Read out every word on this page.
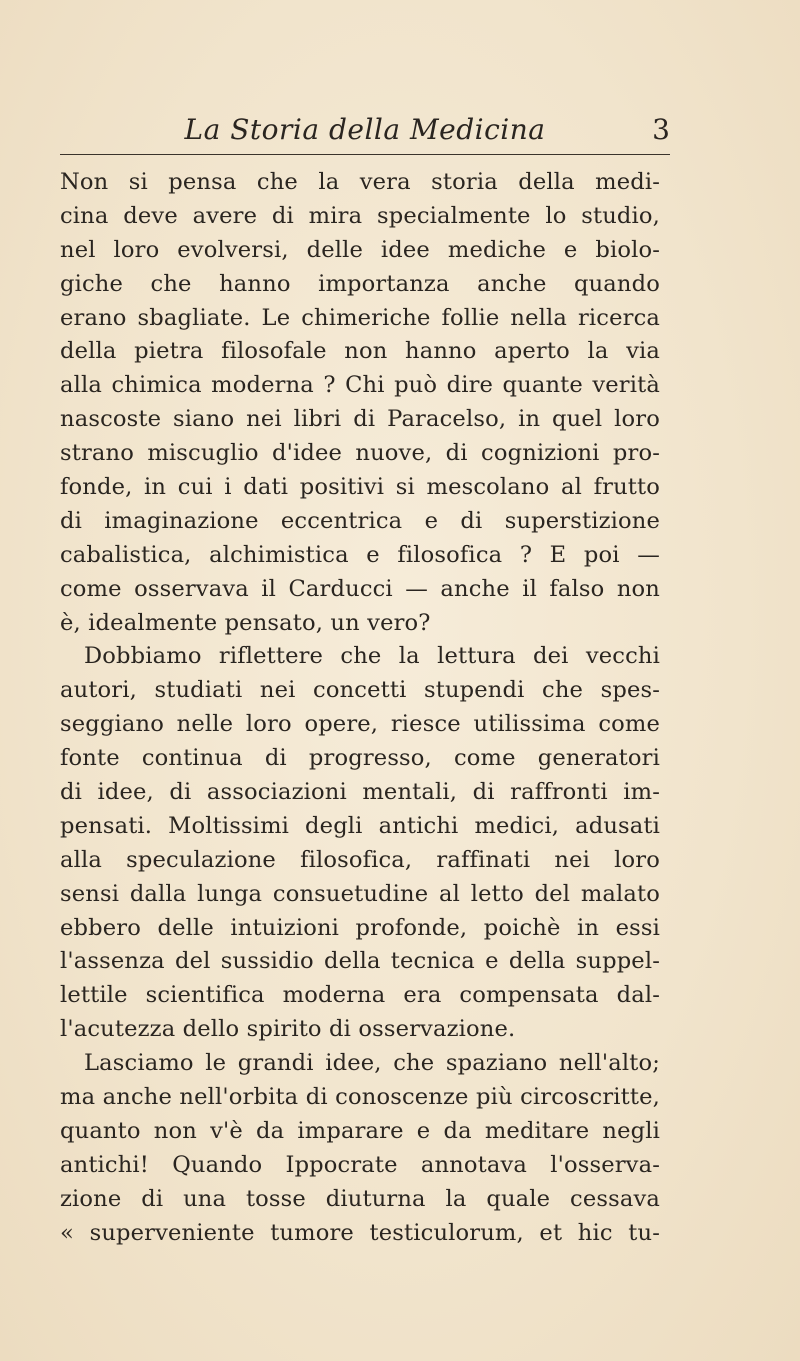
La Storia della Medicina	3
Non si pensa che la vera storia della medi-
cina deve avere di mira specialmente lo studio,
nel loro evolversi, delle idee mediche e biolo-
giche che hanno importanza anche quando
erano sbagliate. Le chimeriche follie nella ricerca
della pietra filosofale non hanno aperto la via
alla chimica moderna ? Chi può dire quante verità
nascoste siano nei libri di Paracelso, in quel loro
strano miscuglio d'idee nuove, di cognizioni pro-
fonde, in cui i dati positivi si mescolano al frutto
di imaginazione eccentrica e di superstizione
cabalistica, alchimistica e filosofica ? E poi —
come osservava il Carducci — anche il falso non
è, idealmente pensato, un vero?
Dobbiamo riflettere che la lettura dei vecchi
autori, studiati nei concetti stupendi che spes-
seggiano nelle loro opere, riesce utilissima come
fonte continua di progresso, come generatori
di idee, di associazioni mentali, di raffronti im-
pensati. Moltissimi degli antichi medici, adusati
alla speculazione filosofica, raffinati nei loro
sensi dalla lunga consuetudine al letto del malato
ebbero delle intuizioni profonde, poichè in essi
l'assenza del sussidio della tecnica e della suppel-
lettile scientifica moderna era compensata dal-
l'acutezza dello spirito di osservazione.
Lasciamo le grandi idee, che spaziano nell'alto;
ma anche nell'orbita di conoscenze più circoscritte,
quanto non v'è da imparare e da meditare negli
antichi! Quando Ippocrate annotava l'osserva-
zione di una tosse diuturna la quale cessava
« superveniente tumore testiculorum, et hic tu-
